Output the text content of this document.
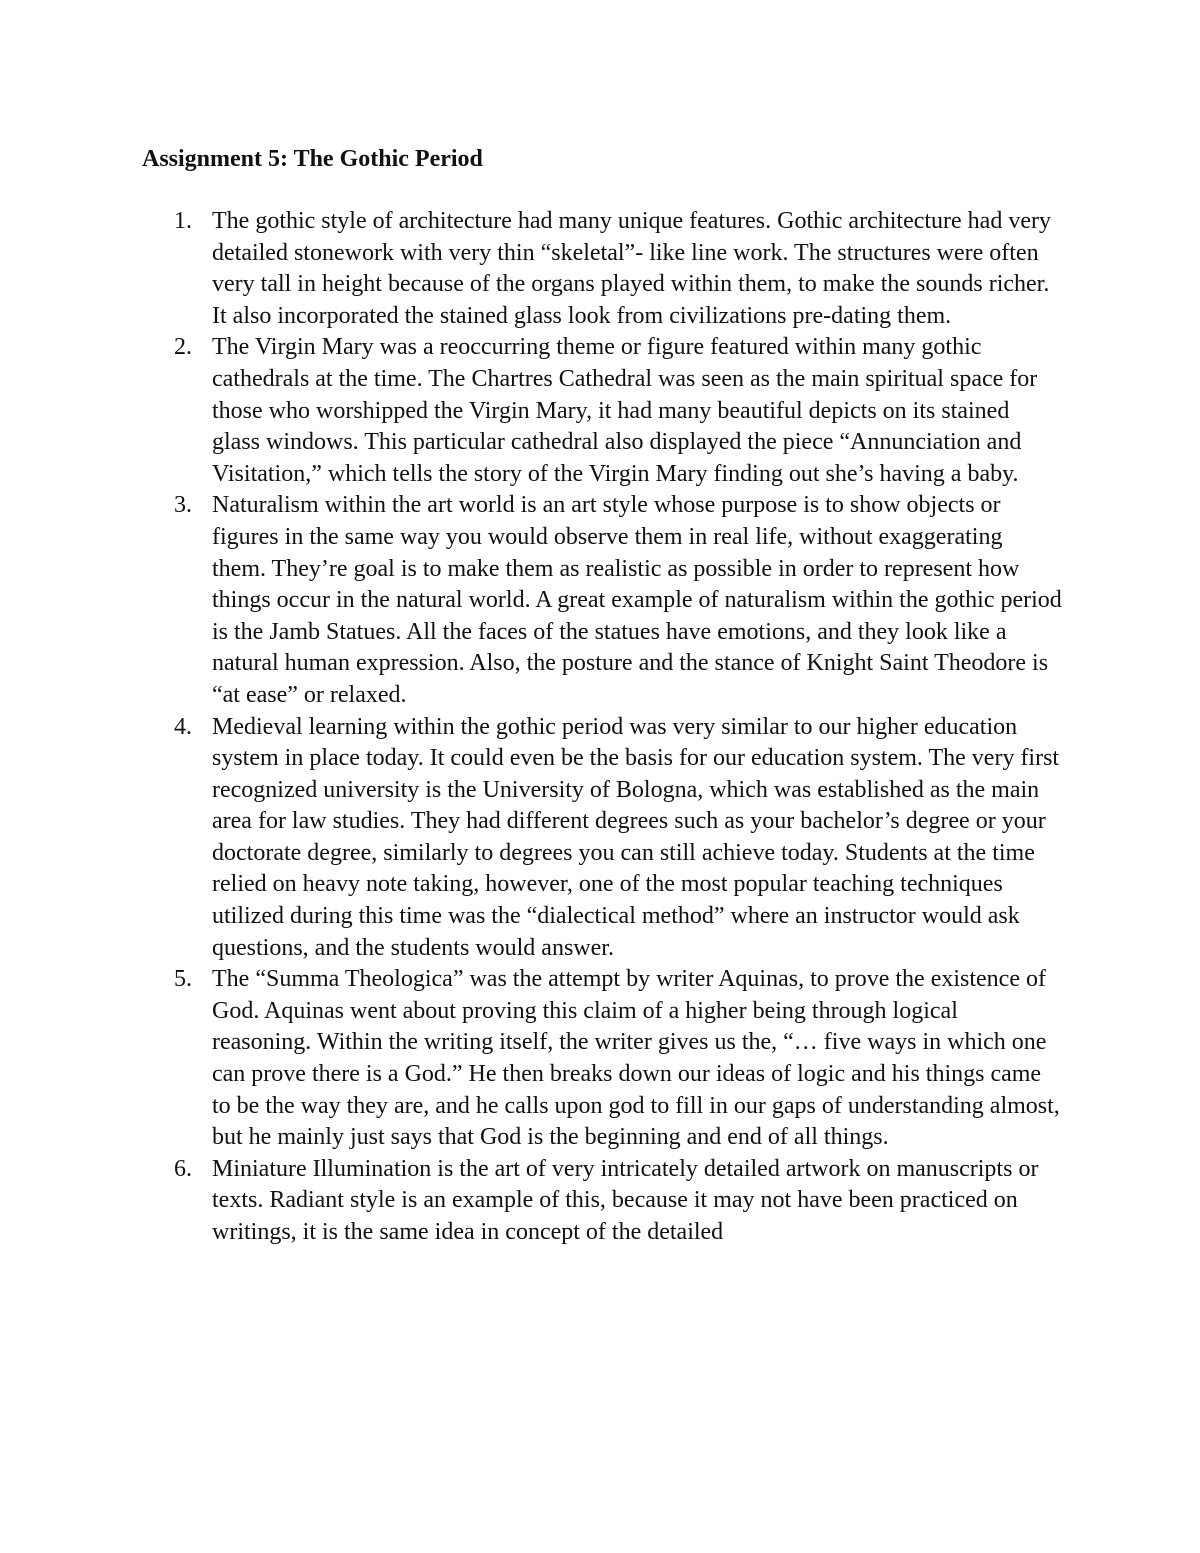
Assignment 5: The Gothic Period
1. The gothic style of architecture had many unique features. Gothic architecture had very detailed stonework with very thin “skeletal”- like line work. The structures were often very tall in height because of the organs played within them, to make the sounds richer. It also incorporated the stained glass look from civilizations pre-dating them.
2. The Virgin Mary was a reoccurring theme or figure featured within many gothic cathedrals at the time. The Chartres Cathedral was seen as the main spiritual space for those who worshipped the Virgin Mary, it had many beautiful depicts on its stained glass windows. This particular cathedral also displayed the piece “Annunciation and Visitation,” which tells the story of the Virgin Mary finding out she’s having a baby.
3. Naturalism within the art world is an art style whose purpose is to show objects or figures in the same way you would observe them in real life, without exaggerating them. They’re goal is to make them as realistic as possible in order to represent how things occur in the natural world. A great example of naturalism within the gothic period is the Jamb Statues. All the faces of the statues have emotions, and they look like a natural human expression. Also, the posture and the stance of Knight Saint Theodore is “at ease” or relaxed.
4. Medieval learning within the gothic period was very similar to our higher education system in place today. It could even be the basis for our education system. The very first recognized university is the University of Bologna, which was established as the main area for law studies. They had different degrees such as your bachelor’s degree or your doctorate degree, similarly to degrees you can still achieve today. Students at the time relied on heavy note taking, however, one of the most popular teaching techniques utilized during this time was the “dialectical method” where an instructor would ask questions, and the students would answer.
5. The “Summa Theologica” was the attempt by writer Aquinas, to prove the existence of God. Aquinas went about proving this claim of a higher being through logical reasoning. Within the writing itself, the writer gives us the, “… five ways in which one can prove there is a God.” He then breaks down our ideas of logic and his things came to be the way they are, and he calls upon god to fill in our gaps of understanding almost, but he mainly just says that God is the beginning and end of all things.
6. Miniature Illumination is the art of very intricately detailed artwork on manuscripts or texts. Radiant style is an example of this, because it may not have been practiced on writings, it is the same idea in concept of the detailed
